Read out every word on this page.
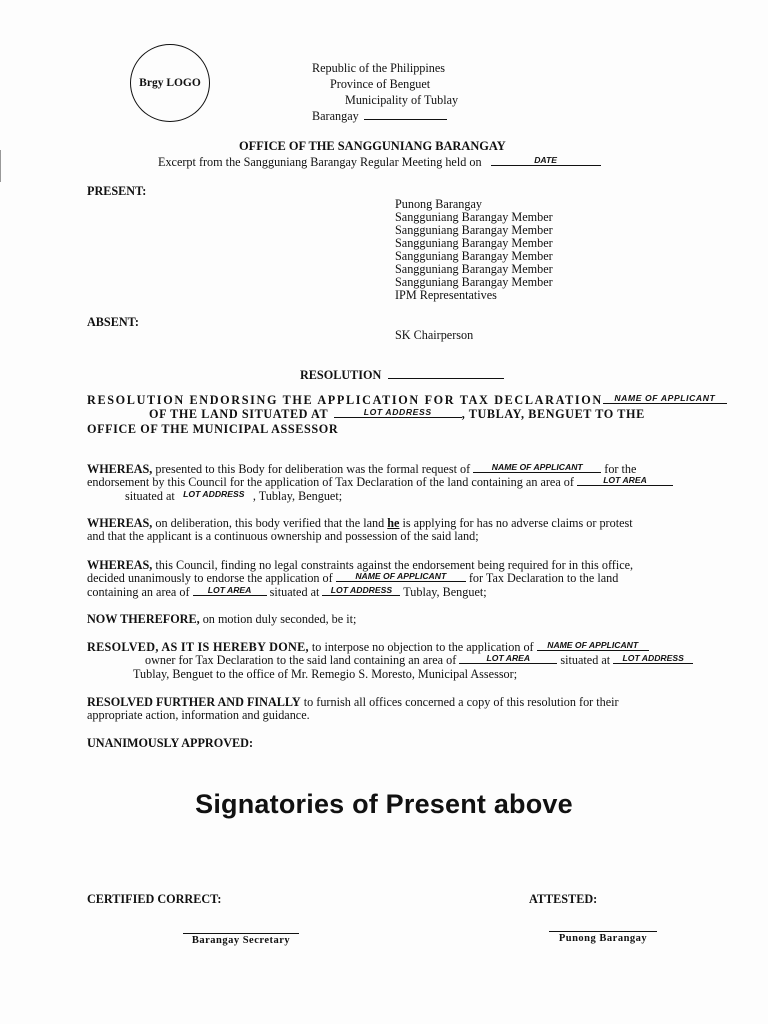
Brgy LOGO
Republic of the Philippines
Province of Benguet
Municipality of Tublay
Barangay
OFFICE OF THE SANGGUNIANG BARANGAY
Excerpt from the Sangguniang Barangay Regular Meeting held on	DATE
PRESENT:
Punong Barangay
Sangguniang Barangay Member
Sangguniang Barangay Member
Sangguniang Barangay Member
Sangguniang Barangay Member
Sangguniang Barangay Member
Sangguniang Barangay Member
IPM Representatives
ABSENT:
SK Chairperson
RESOLUTION
RESOLUTION ENDORSING THE APPLICATION FOR TAX DECLARATION NAME OF APPLICANT
OF THE LAND SITUATED AT	LOT ADDRESS , TUBLAY, BENGUET TO THE
OFFICE OF THE MUNICIPAL ASSESSOR
WHEREAS, presented to this Body for deliberation was the formal request of	NAME OF APPLICANT for the
endorsement by this Council for the application of Tax Declaration of the land containing an area of	LOT AREA
situated at LOT ADDRESS , Tublay, Benguet;
WHEREAS, on deliberation, this body verified that the land he is applying for has no adverse claims or protest
and that the applicant is a continuous ownership and possession of the said land;
WHEREAS, this Council, finding no legal constraints against the endorsement being required for in this office,
decided unanimously to endorse the application of	NAME OF APPLICANT for Tax Declaration to the land
containing an area of LOT AREA situated at LOT ADDRESS Tublay, Benguet;
NOW THEREFORE, on motion duly seconded, be it;
RESOLVED, AS IT IS HEREBY DONE, to interpose no objection to the application of NAME OF APPLICANT
owner for Tax Declaration to the said land containing an area of	LOT AREA situated at LOT ADDRESS
Tublay, Benguet to the office of Mr. Remegio S. Moresto, Municipal Assessor;
RESOLVED FURTHER AND FINALLY to furnish all offices concerned a copy of this resolution for their
appropriate action, information and guidance.
UNANIMOUSLY APPROVED:
Signatories of Present above
CERTIFIED CORRECT:	ATTESTED:
Barangay Secretary	Punong Barangay
